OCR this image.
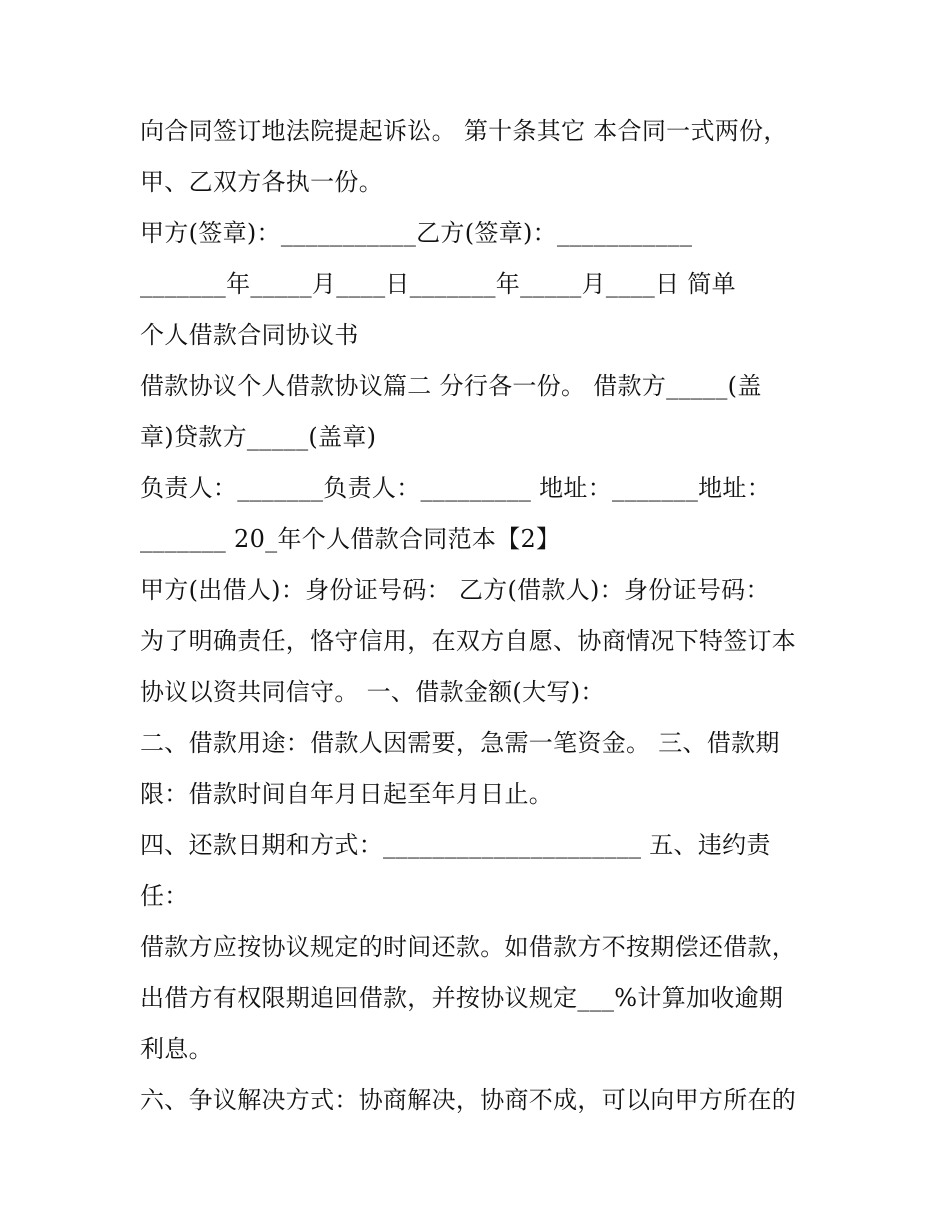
向合同签订地法院提起诉讼。 第十条其它 本合同一式两份，
甲、乙双方各执一份。
甲方(签章)：___________乙方(签章)：___________
_______年_____月____日_______年_____月____日 简单
个人借款合同协议书
借款协议个人借款协议篇二 分行各一份。 借款方_____(盖
章)贷款方_____(盖章)
负责人：_______负责人：_________ 地址：_______地址：
_______ 20_年个人借款合同范本【2】
甲方(出借人)：身份证号码： 乙方(借款人)：身份证号码：
为了明确责任，恪守信用，在双方自愿、协商情况下特签订本
协议以资共同信守。 一、借款金额(大写)：
二、借款用途：借款人因需要，急需一笔资金。 三、借款期
限：借款时间自年月日起至年月日止。
四、还款日期和方式：_____________________ 五、违约责
任：
借款方应按协议规定的时间还款。如借款方不按期偿还借款，
出借方有权限期追回借款，并按协议规定___%计算加收逾期
利息。
六、争议解决方式：协商解决，协商不成，可以向甲方所在的
